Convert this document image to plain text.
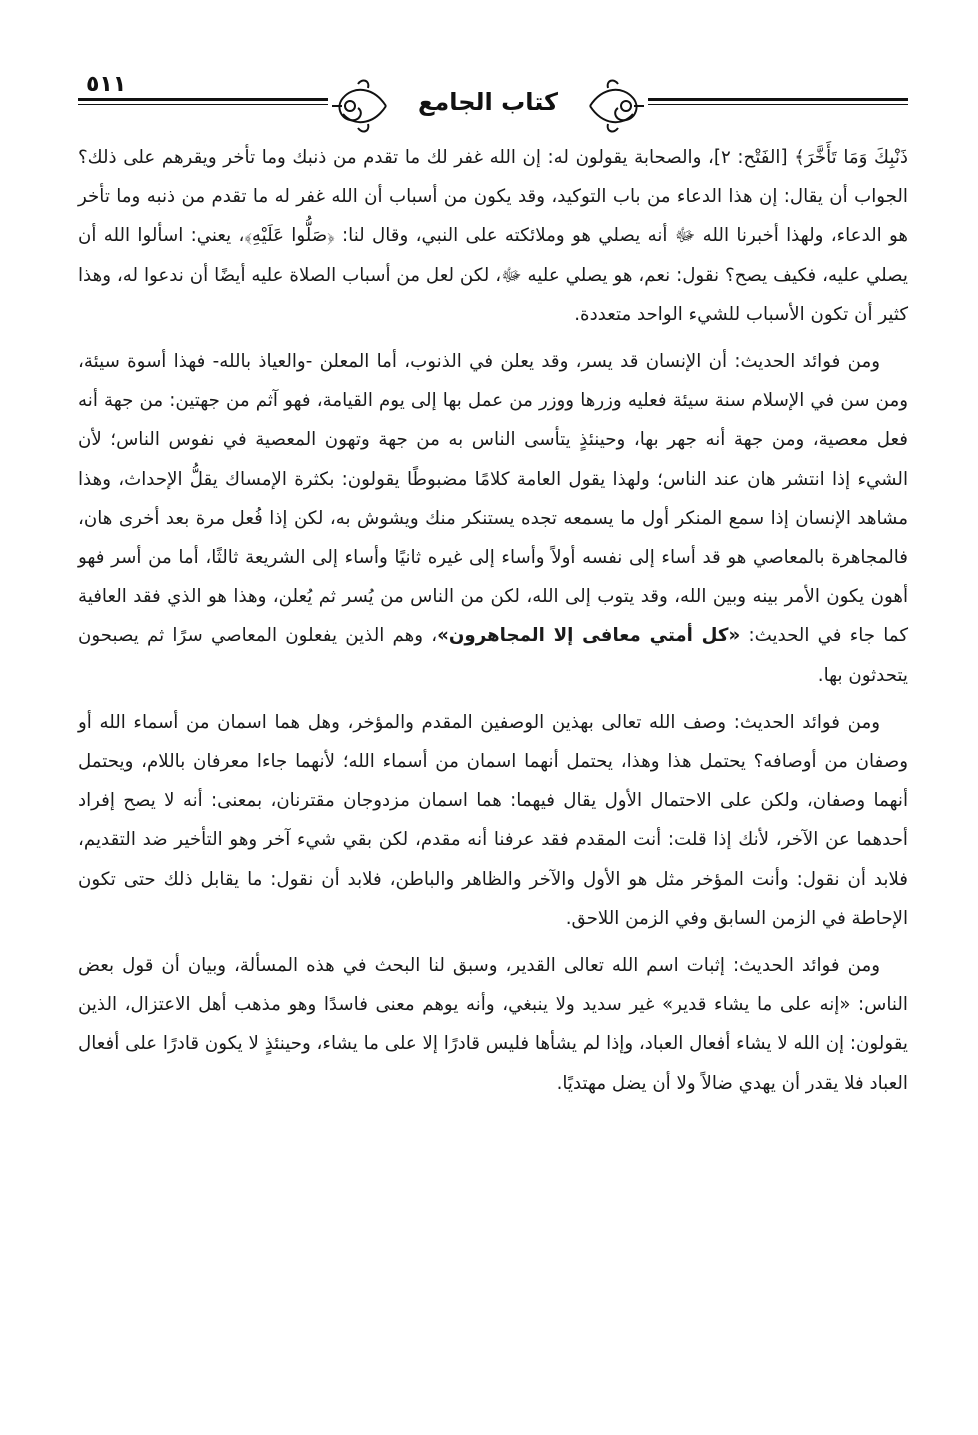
٥١١
كتاب الجامع

ذَنْبِكَ وَمَا تَأَخَّرَ﴾ [الفَتْح: ٢]، والصحابة يقولون له: إن الله غفر لك ما تقدم من ذنبك وما تأخر ويقرهم على ذلك؟ الجواب أن يقال: إن هذا الدعاء من باب التوكيد، وقد يكون من أسباب أن الله غفر له ما تقدم من ذنبه وما تأخر هو الدعاء، ولهذا أخبرنا الله ﷻ أنه يصلي هو وملائكته على النبي، وقال لنا: ﴿صَلُّوا عَلَيْهِ﴾، يعني: اسألوا الله أن يصلي عليه، فكيف يصح؟ نقول: نعم، هو يصلي عليه ﷻ، لكن لعل من أسباب الصلاة عليه أيضًا أن ندعوا له، وهذا كثير أن تكون الأسباب للشيء الواحد متعددة.

ومن فوائد الحديث: أن الإنسان قد يسر، وقد يعلن في الذنوب، أما المعلن -والعياذ بالله- فهذا أسوة سيئة، ومن سن في الإسلام سنة سيئة فعليه وزرها ووزر من عمل بها إلى يوم القيامة، فهو آثم من جهتين: من جهة أنه فعل معصية، ومن جهة أنه جهر بها، وحينئذٍ يتأسى الناس به من جهة وتهون المعصية في نفوس الناس؛ لأن الشيء إذا انتشر هان عند الناس؛ ولهذا يقول العامة كلامًا مضبوطًا يقولون: بكثرة الإمساك يقلُّ الإحداث، وهذا مشاهد الإنسان إذا سمع المنكر أول ما يسمعه تجده يستنكر منك ويشوش به، لكن إذا فُعل مرة بعد أخرى هان، فالمجاهرة بالمعاصي هو قد أساء إلى نفسه أولاً وأساء إلى غيره ثانيًا وأساء إلى الشريعة ثالثًا، أما من أسر فهو أهون يكون الأمر بينه وبين الله، وقد يتوب إلى الله، لكن من الناس من يُسر ثم يُعلن، وهذا هو الذي فقد العافية كما جاء في الحديث: «كل أمتي معافى إلا المجاهرون»، وهم الذين يفعلون المعاصي سرًا ثم يصبحون يتحدثون بها.

ومن فوائد الحديث: وصف الله تعالى بهذين الوصفين المقدم والمؤخر، وهل هما اسمان من أسماء الله أو وصفان من أوصافه؟ يحتمل هذا وهذا، يحتمل أنهما اسمان من أسماء الله؛ لأنهما جاءا معرفان باللام، ويحتمل أنهما وصفان، ولكن على الاحتمال الأول يقال فيهما: هما اسمان مزدوجان مقترنان، بمعنى: أنه لا يصح إفراد أحدهما عن الآخر، لأنك إذا قلت: أنت المقدم فقد عرفنا أنه مقدم، لكن بقي شيء آخر وهو التأخير ضد التقديم، فلابد أن نقول: وأنت المؤخر مثل هو الأول والآخر والظاهر والباطن، فلابد أن نقول: ما يقابل ذلك حتى تكون الإحاطة في الزمن السابق وفي الزمن اللاحق.

ومن فوائد الحديث: إثبات اسم الله تعالى القدير، وسبق لنا البحث في هذه المسألة، وبيان أن قول بعض الناس: «إنه على ما يشاء قدير» غير سديد ولا ينبغي، وأنه يوهم معنى فاسدًا وهو مذهب أهل الاعتزال، الذين يقولون: إن الله لا يشاء أفعال العباد، وإذا لم يشأها فليس قادرًا إلا على ما يشاء، وحينئذٍ لا يكون قادرًا على أفعال العباد فلا يقدر أن يهدي ضالاً ولا أن يضل مهتديًا.
